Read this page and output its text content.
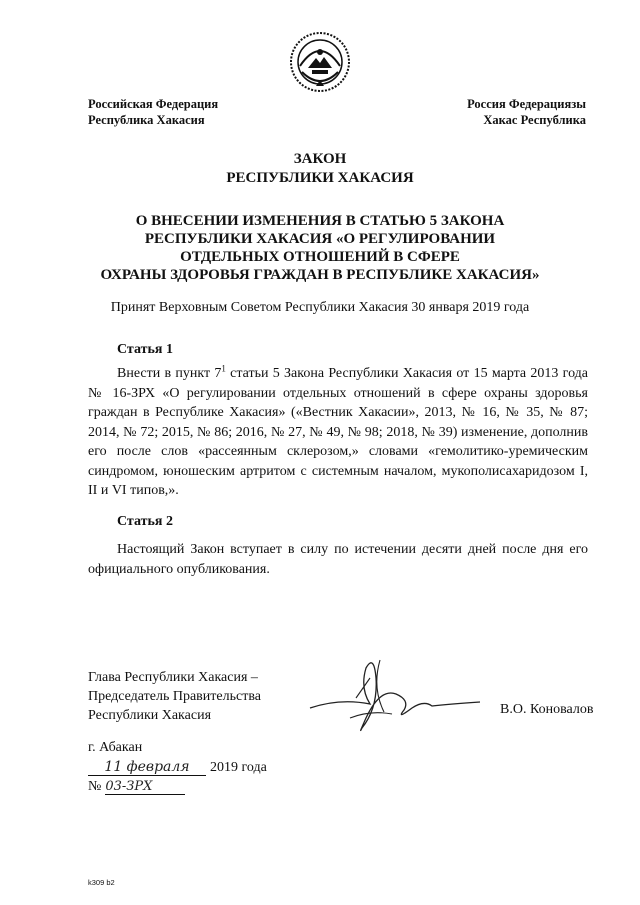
Российская Федерация
Республика Хакасия
Россия Федерациязы
Хакас Республика
ЗАКОН
РЕСПУБЛИКИ ХАКАСИЯ
О ВНЕСЕНИИ ИЗМЕНЕНИЯ В СТАТЬЮ 5 ЗАКОНА
РЕСПУБЛИКИ ХАКАСИЯ «О РЕГУЛИРОВАНИИ
ОТДЕЛЬНЫХ ОТНОШЕНИЙ В СФЕРЕ
ОХРАНЫ ЗДОРОВЬЯ ГРАЖДАН В РЕСПУБЛИКЕ ХАКАСИЯ»
Принят Верховным Советом Республики Хакасия 30 января 2019 года
Статья 1

Внести в пункт $7^1$ статьи 5 Закона Республики Хакасия от 15 марта 2013 года № 16-ЗРХ «О регулировании отдельных отношений в сфере охраны здоровья граждан в Республике Хакасия» («Вестник Хакасии», 2013, № 16, № 35, № 87; 2014, № 72; 2015, № 86; 2016, № 27, № 49, № 98; 2018, № 39) изменение, дополнив его после слов «рассеянным склерозом,» словами «гемолитико-уремическим синдромом, юношеским артритом с системным началом, мукополисахаридозом I, II и VI типов,».

Статья 2

Настоящий Закон вступает в силу по истечении десяти дней после дня его официального опубликования.

Глава Республики Хакасия –
Председатель Правительства
Республики Хакасия	В.О. Коновалов
г. Абакан
11 февраля 2019 года
№ 03-ЗРХ
k309 b2
